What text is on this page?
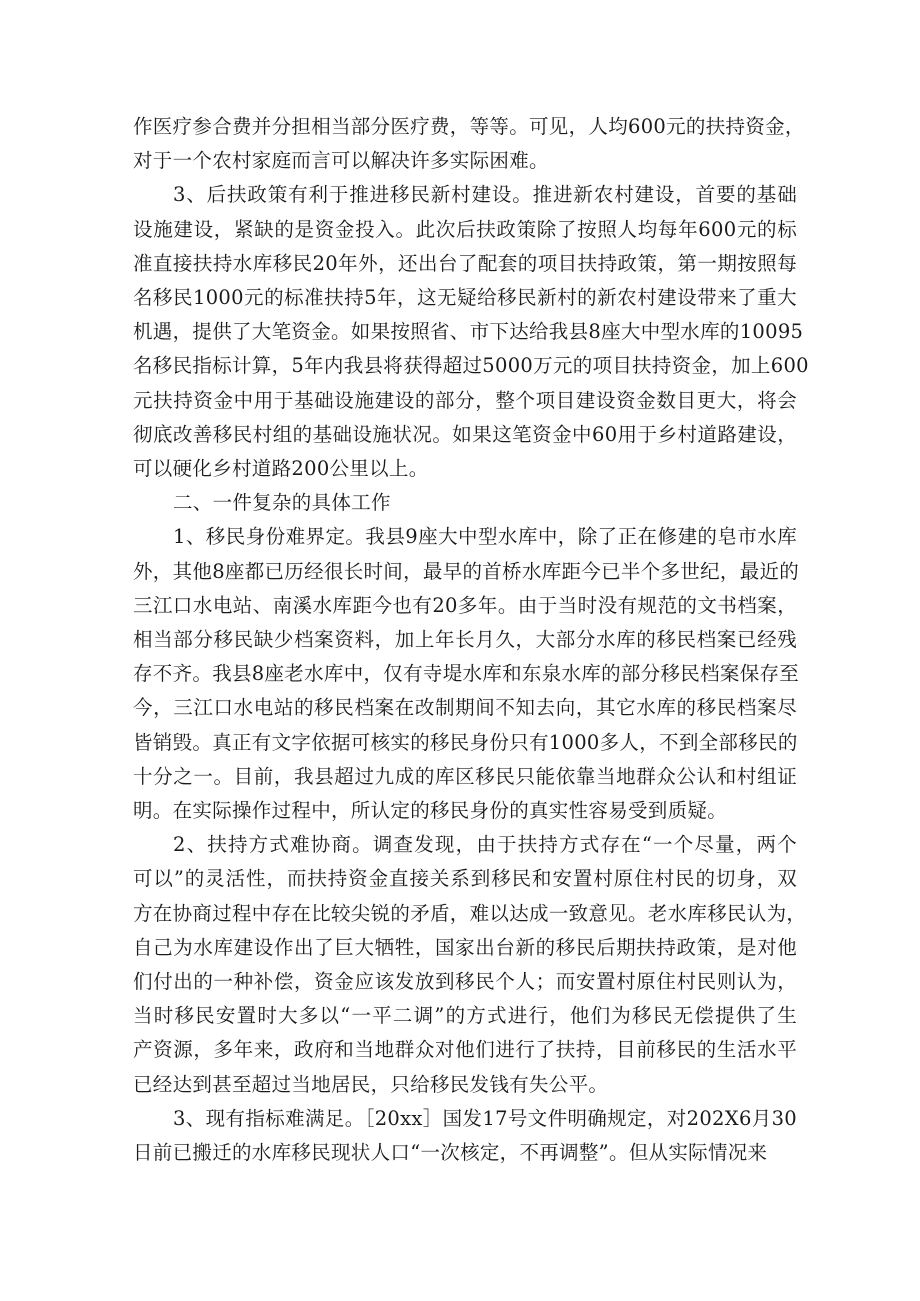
作医疗参合费并分担相当部分医疗费，等等。可见，人均600元的扶持资金，
对于一个农村家庭而言可以解决许多实际困难。
3、后扶政策有利于推进移民新村建设。推进新农村建设，首要的基础
设施建设，紧缺的是资金投入。此次后扶政策除了按照人均每年600元的标
准直接扶持水库移民20年外，还出台了配套的项目扶持政策，第一期按照每
名移民1000元的标准扶持5年，这无疑给移民新村的新农村建设带来了重大
机遇，提供了大笔资金。如果按照省、市下达给我县8座大中型水库的10095
名移民指标计算，5年内我县将获得超过5000万元的项目扶持资金，加上600
元扶持资金中用于基础设施建设的部分，整个项目建设资金数目更大，将会
彻底改善移民村组的基础设施状况。如果这笔资金中60用于乡村道路建设，
可以硬化乡村道路200公里以上。
二、一件复杂的具体工作
1、移民身份难界定。我县9座大中型水库中，除了正在修建的皂市水库
外，其他8座都已历经很长时间，最早的首桥水库距今已半个多世纪，最近的
三江口水电站、南溪水库距今也有20多年。由于当时没有规范的文书档案，
相当部分移民缺少档案资料，加上年长月久，大部分水库的移民档案已经残
存不齐。我县8座老水库中，仅有寺堤水库和东泉水库的部分移民档案保存至
今，三江口水电站的移民档案在改制期间不知去向，其它水库的移民档案尽
皆销毁。真正有文字依据可核实的移民身份只有1000多人，不到全部移民的
十分之一。目前，我县超过九成的库区移民只能依靠当地群众公认和村组证
明。在实际操作过程中，所认定的移民身份的真实性容易受到质疑。
2、扶持方式难协商。调查发现，由于扶持方式存在“一个尽量，两个
可以”的灵活性，而扶持资金直接关系到移民和安置村原住村民的切身，双
方在协商过程中存在比较尖锐的矛盾，难以达成一致意见。老水库移民认为，
自己为水库建设作出了巨大牺牲，国家出台新的移民后期扶持政策，是对他
们付出的一种补偿，资金应该发放到移民个人；而安置村原住村民则认为，
当时移民安置时大多以“一平二调”的方式进行，他们为移民无偿提供了生
产资源，多年来，政府和当地群众对他们进行了扶持，目前移民的生活水平
已经达到甚至超过当地居民，只给移民发钱有失公平。
3、现有指标难满足。［20xx］国发17号文件明确规定，对202X6月30
日前已搬迁的水库移民现状人口“一次核定，不再调整”。但从实际情况来
